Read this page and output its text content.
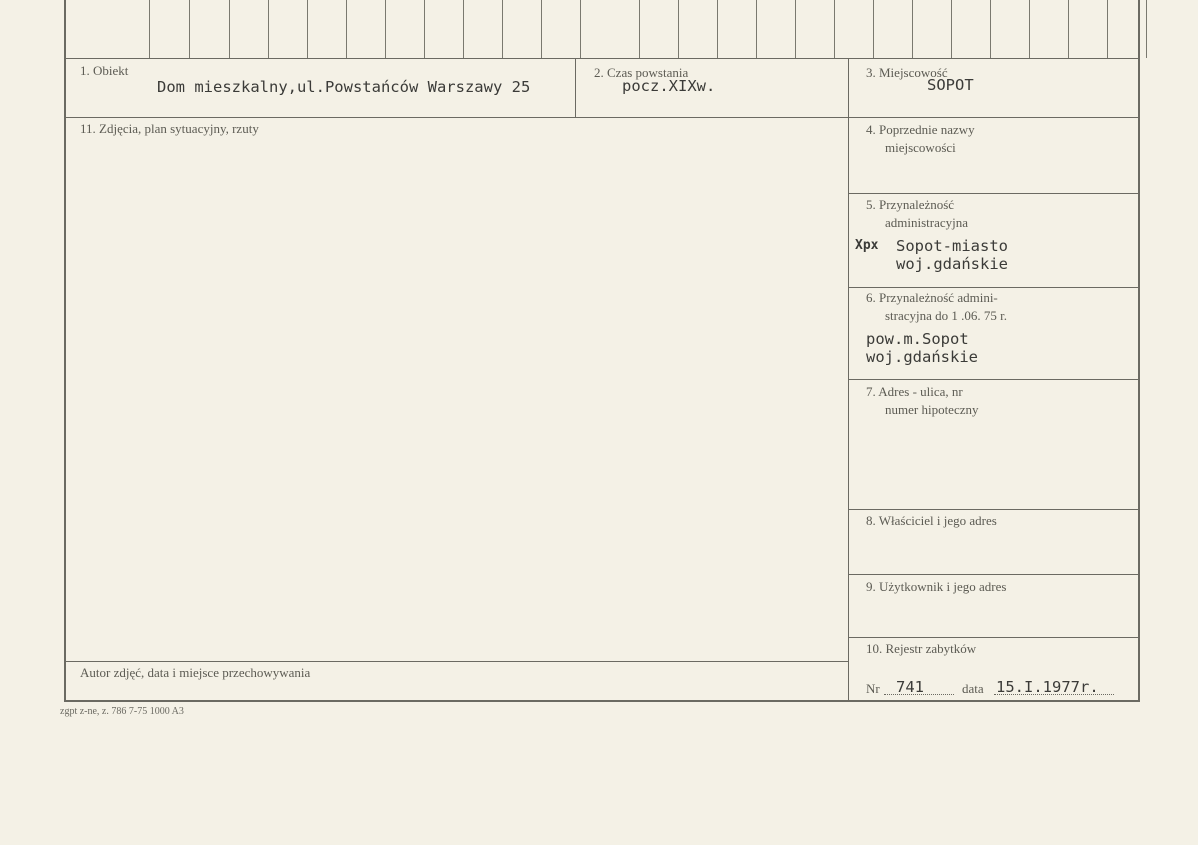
1. Obiekt
Dom mieszkalny,ul.Powstańców Warszawy 25
2. Czas powstania
pocz.XIXw.
3. Miejscowość
SOPOT
11. Zdjęcia, plan sytuacyjny, rzuty	4. Poprzednie nazwy
miejscowości
5. Przynależność
administracyjna
Xpx Sopot-miasto
woj.gdańskie
6. Przynależność admini-
stracyjna do 1 .06. 75 r.
pow.m.Sopot
woj.gdańskie
7. Adres - ulica, nr
numer hipoteczny
8. Właściciel i jego adres
9. Użytkownik i jego adres
10. Rejestr zabytków
Nr 741	data 15.I.1977r.
Autor zdjęć, data i miejsce przechowywania
zgpt z-ne, z. 786 7-75 1000 A3
